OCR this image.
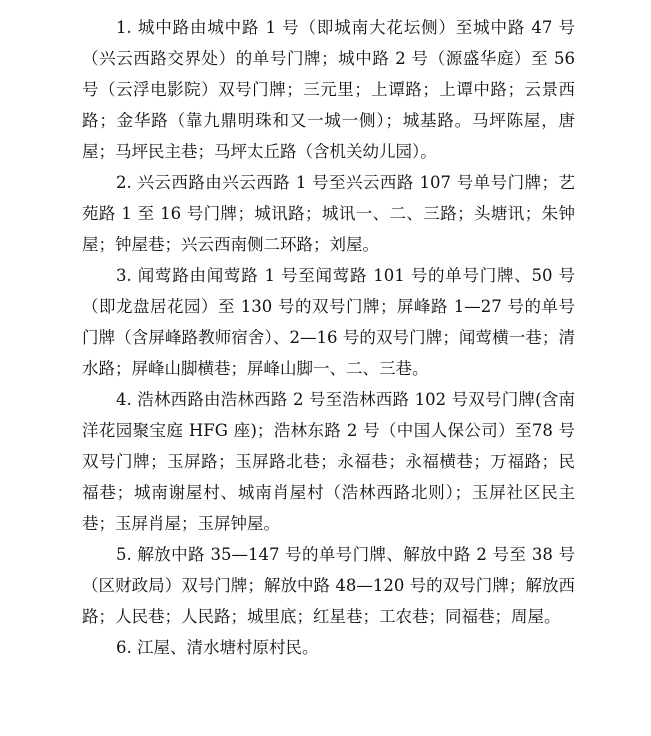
1. 城中路由城中路 1 号（即城南大花坛侧）至城中路 47 号（兴云西路交界处）的单号门牌；城中路 2 号（源盛华庭）至 56 号（云浮电影院）双号门牌；三元里；上谭路；上谭中路；云景西路；金华路（靠九鼎明珠和又一城一侧）；城基路。马坪陈屋，唐屋；马坪民主巷；马坪太丘路（含机关幼儿园）。

2. 兴云西路由兴云西路 1 号至兴云西路 107 号单号门牌；艺苑路 1 至 16 号门牌；城讯路；城讯一、二、三路；头塘讯；朱钟屋；钟屋巷；兴云西南侧二环路；刘屋。

3. 闻莺路由闻莺路 1 号至闻莺路 101 号的单号门牌、50 号（即龙盘居花园）至 130 号的双号门牌；屏峰路 1—27 号的单号门牌（含屏峰路教师宿舍）、2—16 号的双号门牌；闻莺横一巷；清水路；屏峰山脚横巷；屏峰山脚一、二、三巷。

4. 浩林西路由浩林西路 2 号至浩林西路 102 号双号门牌(含南洋花园聚宝庭 HFG 座)；浩林东路 2 号（中国人保公司）至78 号双号门牌；玉屏路；玉屏路北巷；永福巷；永福横巷；万福路；民福巷；城南谢屋村、城南肖屋村（浩林西路北则）；玉屏社区民主巷；玉屏肖屋；玉屏钟屋。

5. 解放中路 35—147 号的单号门牌、解放中路 2 号至 38 号（区财政局）双号门牌；解放中路 48—120 号的双号门牌；解放西路；人民巷；人民路；城里底；红星巷；工农巷；同福巷；周屋。

6. 江屋、清水塘村原村民。
